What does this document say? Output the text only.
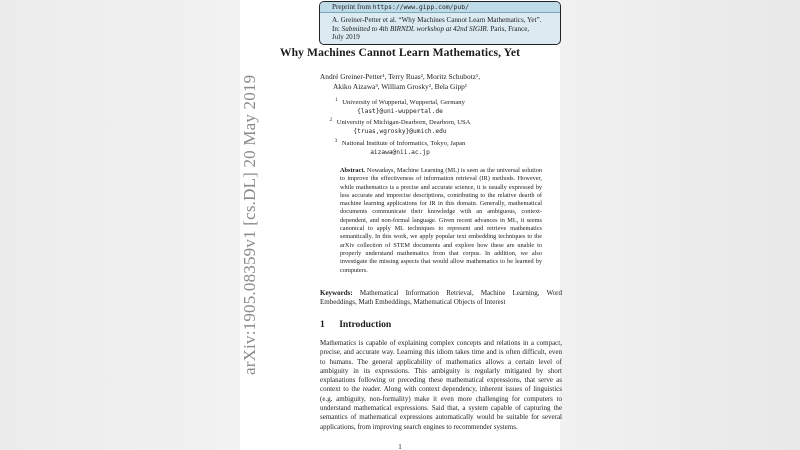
arXiv:1905.08359v1 [cs.DL] 20 May 2019
Preprint from https://www.gipp.com/pub/
A. Greiner-Petter et al. “Why Machines Cannot Learn Mathematics, Yet”.
In: Submitted to 4th BIRNDL workshop at 42nd SIGIR. Paris, France,
July 2019
Why Machines Cannot Learn Mathematics, Yet
André Greiner-Petter¹, Terry Ruas², Moritz Schubotz¹,
Akiko Aizawa³, William Grosky², Bela Gipp¹
$^1$ University of Wuppertal, Wuppertal, Germany
{last}@uni-wuppertal.de
$^2$ University of Michigan-Dearborn, Dearborn, USA
{truas,wgrosky}@umich.edu
$^3$ National Institute of Informatics, Tokyo, Japan
aizawa@nii.ac.jp
Abstract. Nowadays, Machine Learning (ML) is seen as the universal solution to improve the effectiveness of information retrieval (IR) methods. However, while mathematics is a precise and accurate science, it is usually expressed by less accurate and imprecise descriptions, contributing to the relative dearth of machine learning applications for IR in this domain. Generally, mathematical documents communicate their knowledge with an ambiguous, context-dependent, and non-formal language. Given recent advances in ML, it seems canonical to apply ML techniques to represent and retrieve mathematics semantically. In this work, we apply popular text embedding techniques to the arXiv collection of STEM documents and explore how these are unable to properly understand mathematics from that corpus. In addition, we also investigate the missing aspects that would allow mathematics to be learned by computers.
Keywords: Mathematical Information Retrieval, Machine Learning, Word Embeddings, Math Embeddings, Mathematical Objects of Interest
1 Introduction
Mathematics is capable of explaining complex concepts and relations in a compact, precise, and accurate way. Learning this idiom takes time and is often difficult, even to humans. The general applicability of mathematics allows a certain level of ambiguity in its expressions. This ambiguity is regularly mitigated by short explanations following or preceding these mathematical expressions, that serve as context to the reader. Along with context dependency, inherent issues of linguistics (e.g. ambiguity, non-formality) make it even more challenging for computers to understand mathematical expressions. Said that, a system capable of capturing the semantics of mathematical expressions automatically would be suitable for several applications, from improving search engines to recommender systems.
1
